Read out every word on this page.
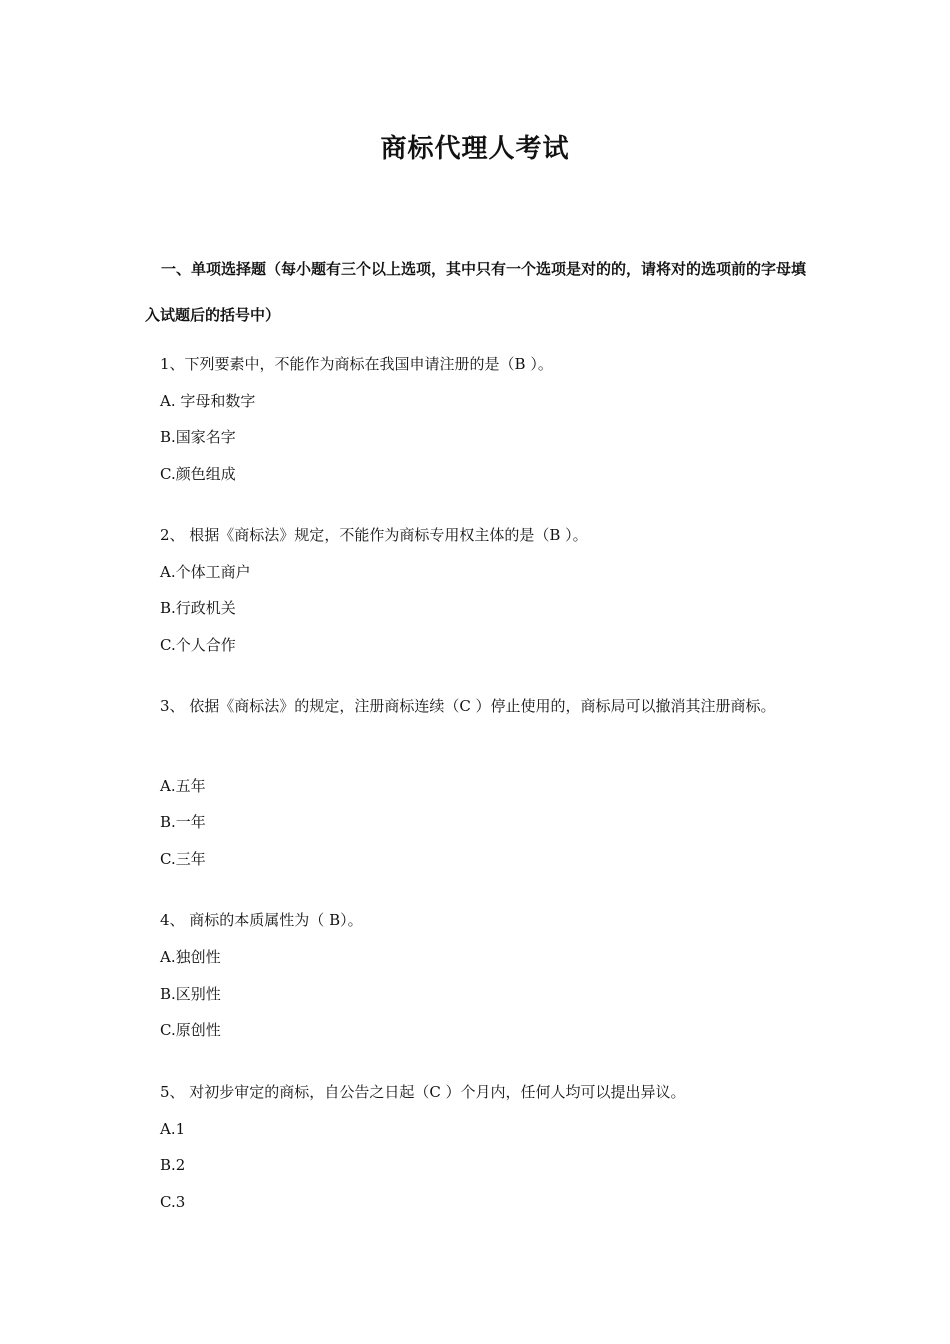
商标代理人考试

一、单项选择题（每小题有三个以上选项，其中只有一个选项是对的的，请将对的选项前的字母填入试题后的括号中）

1、下列要素中，不能作为商标在我国申请注册的是（B ）。
A. 字母和数字
B.国家名字
C.颜色组成
2、 根据《商标法》规定，不能作为商标专用权主体的是（B ）。
A.个体工商户
B.行政机关
C.个人合作
3、 依据《商标法》的规定，注册商标连续（C ）停止使用的，商标局可以撤消其注册商标。
A.五年
B.一年
C.三年
4、 商标的本质属性为（ B）。
A.独创性
B.区别性
C.原创性
5、 对初步审定的商标，自公告之日起（C ）个月内，任何人均可以提出异议。
A.1
B.2
C.3
